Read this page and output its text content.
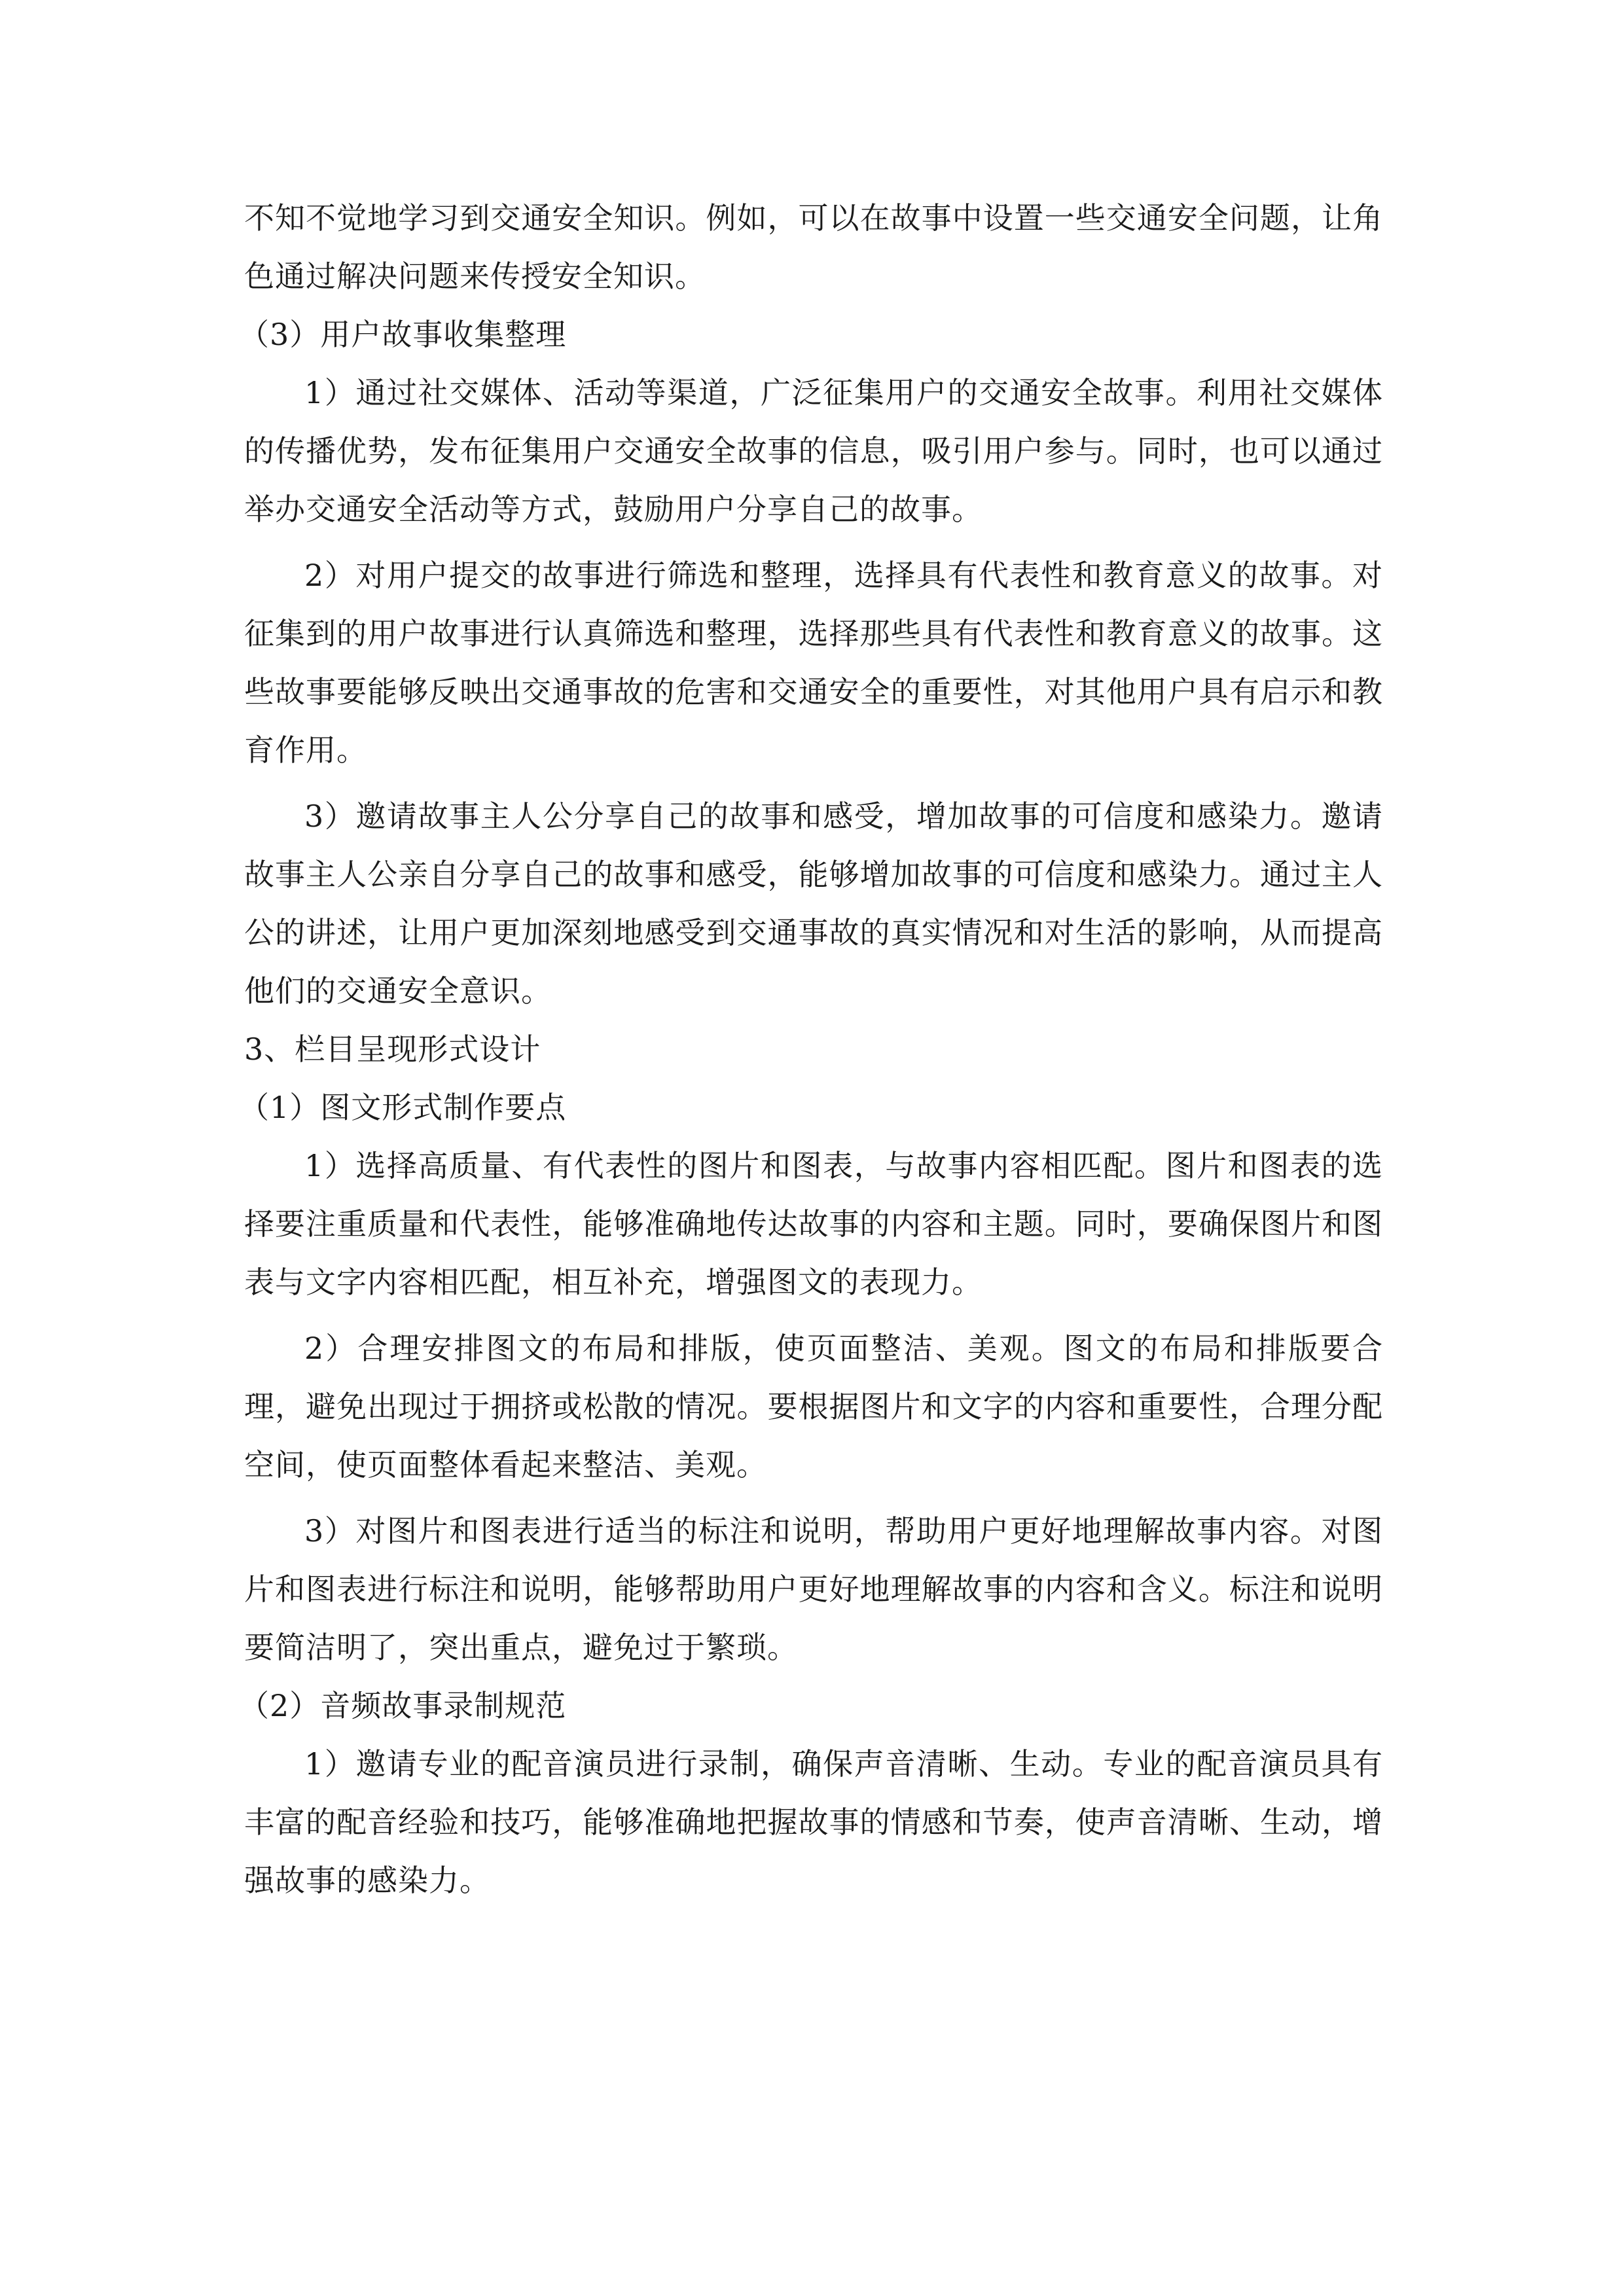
不知不觉地学习到交通安全知识。例如，可以在故事中设置一些交通安全问题，让角色通过解决问题来传授安全知识。

（3）用户故事收集整理

1）通过社交媒体、活动等渠道，广泛征集用户的交通安全故事。利用社交媒体的传播优势，发布征集用户交通安全故事的信息，吸引用户参与。同时，也可以通过举办交通安全活动等方式，鼓励用户分享自己的故事。

2）对用户提交的故事进行筛选和整理，选择具有代表性和教育意义的故事。对征集到的用户故事进行认真筛选和整理，选择那些具有代表性和教育意义的故事。这些故事要能够反映出交通事故的危害和交通安全的重要性，对其他用户具有启示和教育作用。

3）邀请故事主人公分享自己的故事和感受，增加故事的可信度和感染力。邀请故事主人公亲自分享自己的故事和感受，能够增加故事的可信度和感染力。通过主人公的讲述，让用户更加深刻地感受到交通事故的真实情况和对生活的影响，从而提高他们的交通安全意识。

3、栏目呈现形式设计

（1）图文形式制作要点

1）选择高质量、有代表性的图片和图表，与故事内容相匹配。图片和图表的选择要注重质量和代表性，能够准确地传达故事的内容和主题。同时，要确保图片和图表与文字内容相匹配，相互补充，增强图文的表现力。

2）合理安排图文的布局和排版，使页面整洁、美观。图文的布局和排版要合理，避免出现过于拥挤或松散的情况。要根据图片和文字的内容和重要性，合理分配空间，使页面整体看起来整洁、美观。

3）对图片和图表进行适当的标注和说明，帮助用户更好地理解故事内容。对图片和图表进行标注和说明，能够帮助用户更好地理解故事的内容和含义。标注和说明要简洁明了，突出重点，避免过于繁琐。

（2）音频故事录制规范

1）邀请专业的配音演员进行录制，确保声音清晰、生动。专业的配音演员具有丰富的配音经验和技巧，能够准确地把握故事的情感和节奏，使声音清晰、生动，增强故事的感染力。
